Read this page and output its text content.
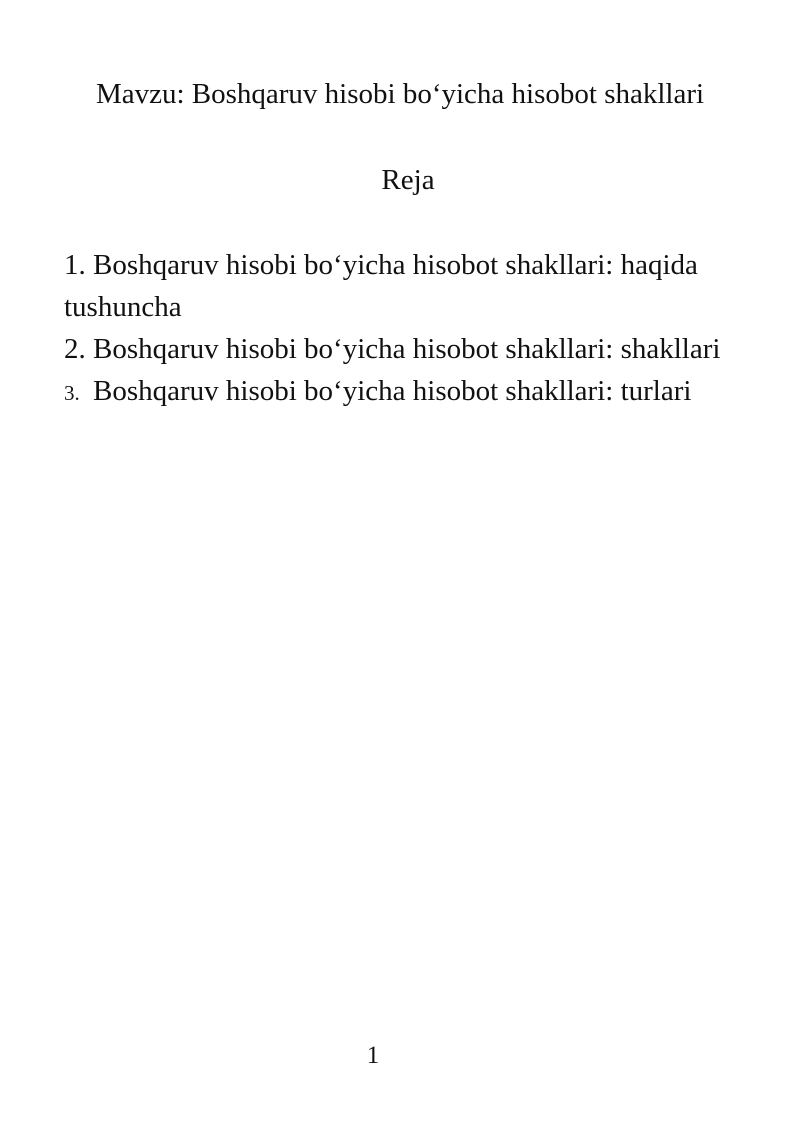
Mavzu: Boshqaruv hisobi bo‘yicha hisobot shakllari
Reja
1. Boshqaruv hisobi bo‘yicha hisobot shakllari: haqida tushuncha
2. Boshqaruv hisobi bo‘yicha hisobot shakllari: shakllari
3. Boshqaruv hisobi bo‘yicha hisobot shakllari: turlari
1
